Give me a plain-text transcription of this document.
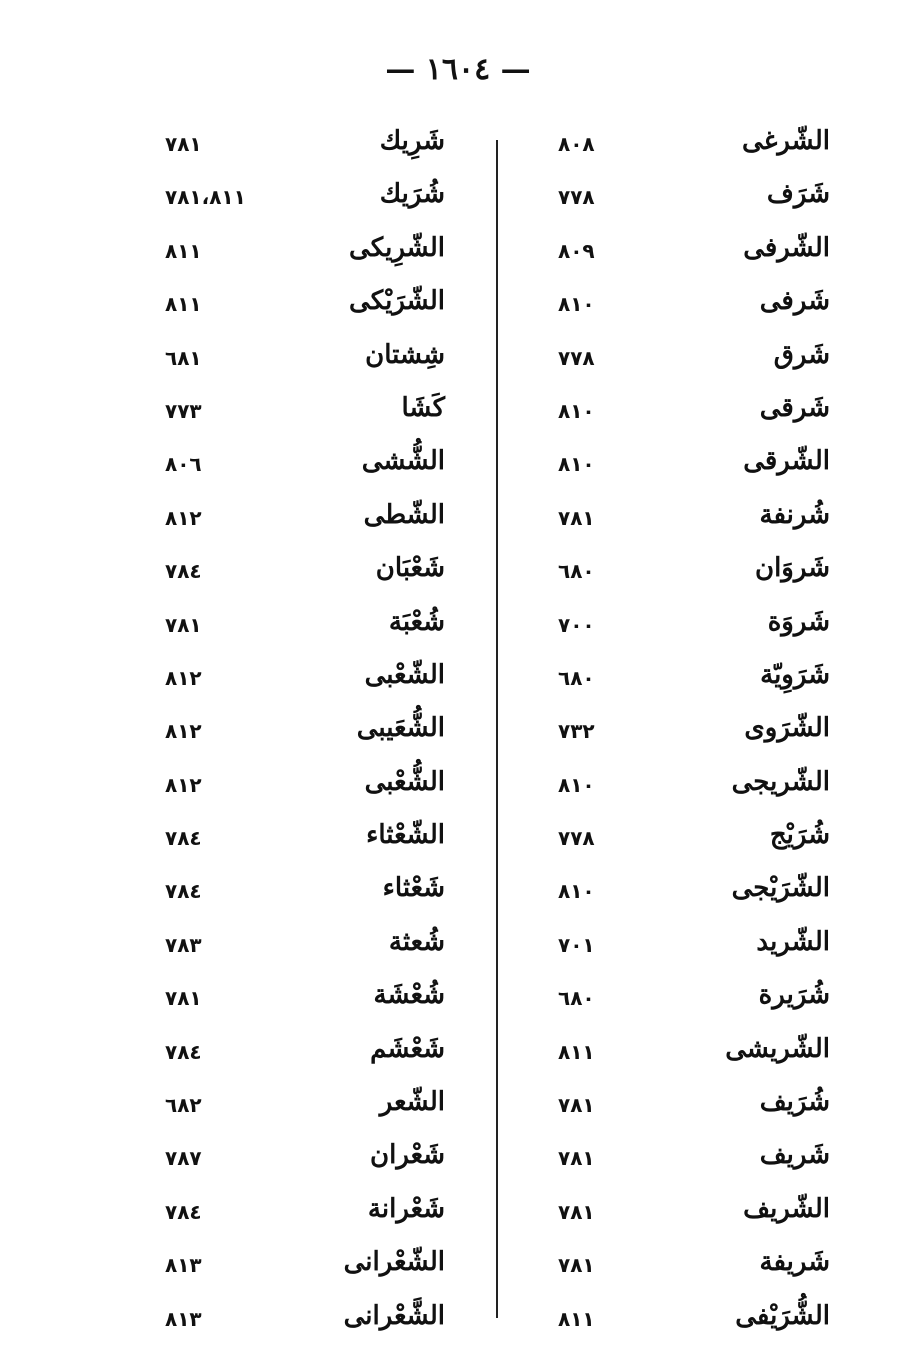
— ١٦٠٤ —
الشّرغى
٨٠٨
شَرَف
٧٧٨
الشّرفى
٨٠٩
شَرفى
٨١٠
شَرق
٧٧٨
شَرقى
٨١٠
الشّرقى
٨١٠
شُرنفة
٧٨١
شَروَان
٦٨٠
شَروَة
٧٠٠
شَرَوِيّة
٦٨٠
الشّرَوى
٧٣٢
الشّريجى
٨١٠
شُرَيْج
٧٧٨
الشّرَيْجى
٨١٠
الشّريد
٧٠١
شُرَيرة
٦٨٠
الشّريشى
٨١١
شُرَيف
٧٨١
شَريف
٧٨١
الشّريف
٧٨١
شَريفة
٧٨١
الشُّرَيْفى
٨١١
شَرِيك
٧٨١
شُرَيك
٧٨١،٨١١
الشّرِيكى
٨١١
الشّرَيْكى
٨١١
شِشتان
٦٨١
كَشَا
٧٧٣
الشُّشى
٨٠٦
الشّطى
٨١٢
شَعْبَان
٧٨٤
شُعْبَة
٧٨١
الشّعْبى
٨١٢
الشُّعَيبى
٨١٢
الشُّعْبى
٨١٢
الشّعْثاء
٧٨٤
شَعْثاء
٧٨٤
شُعثة
٧٨٣
شُعْشَة
٧٨١
شَعْشَم
٧٨٤
الشّعر
٦٨٢
شَعْران
٧٨٧
شَعْرانة
٧٨٤
الشّعْرانى
٨١٣
الشَّعْرانى
٨١٣
